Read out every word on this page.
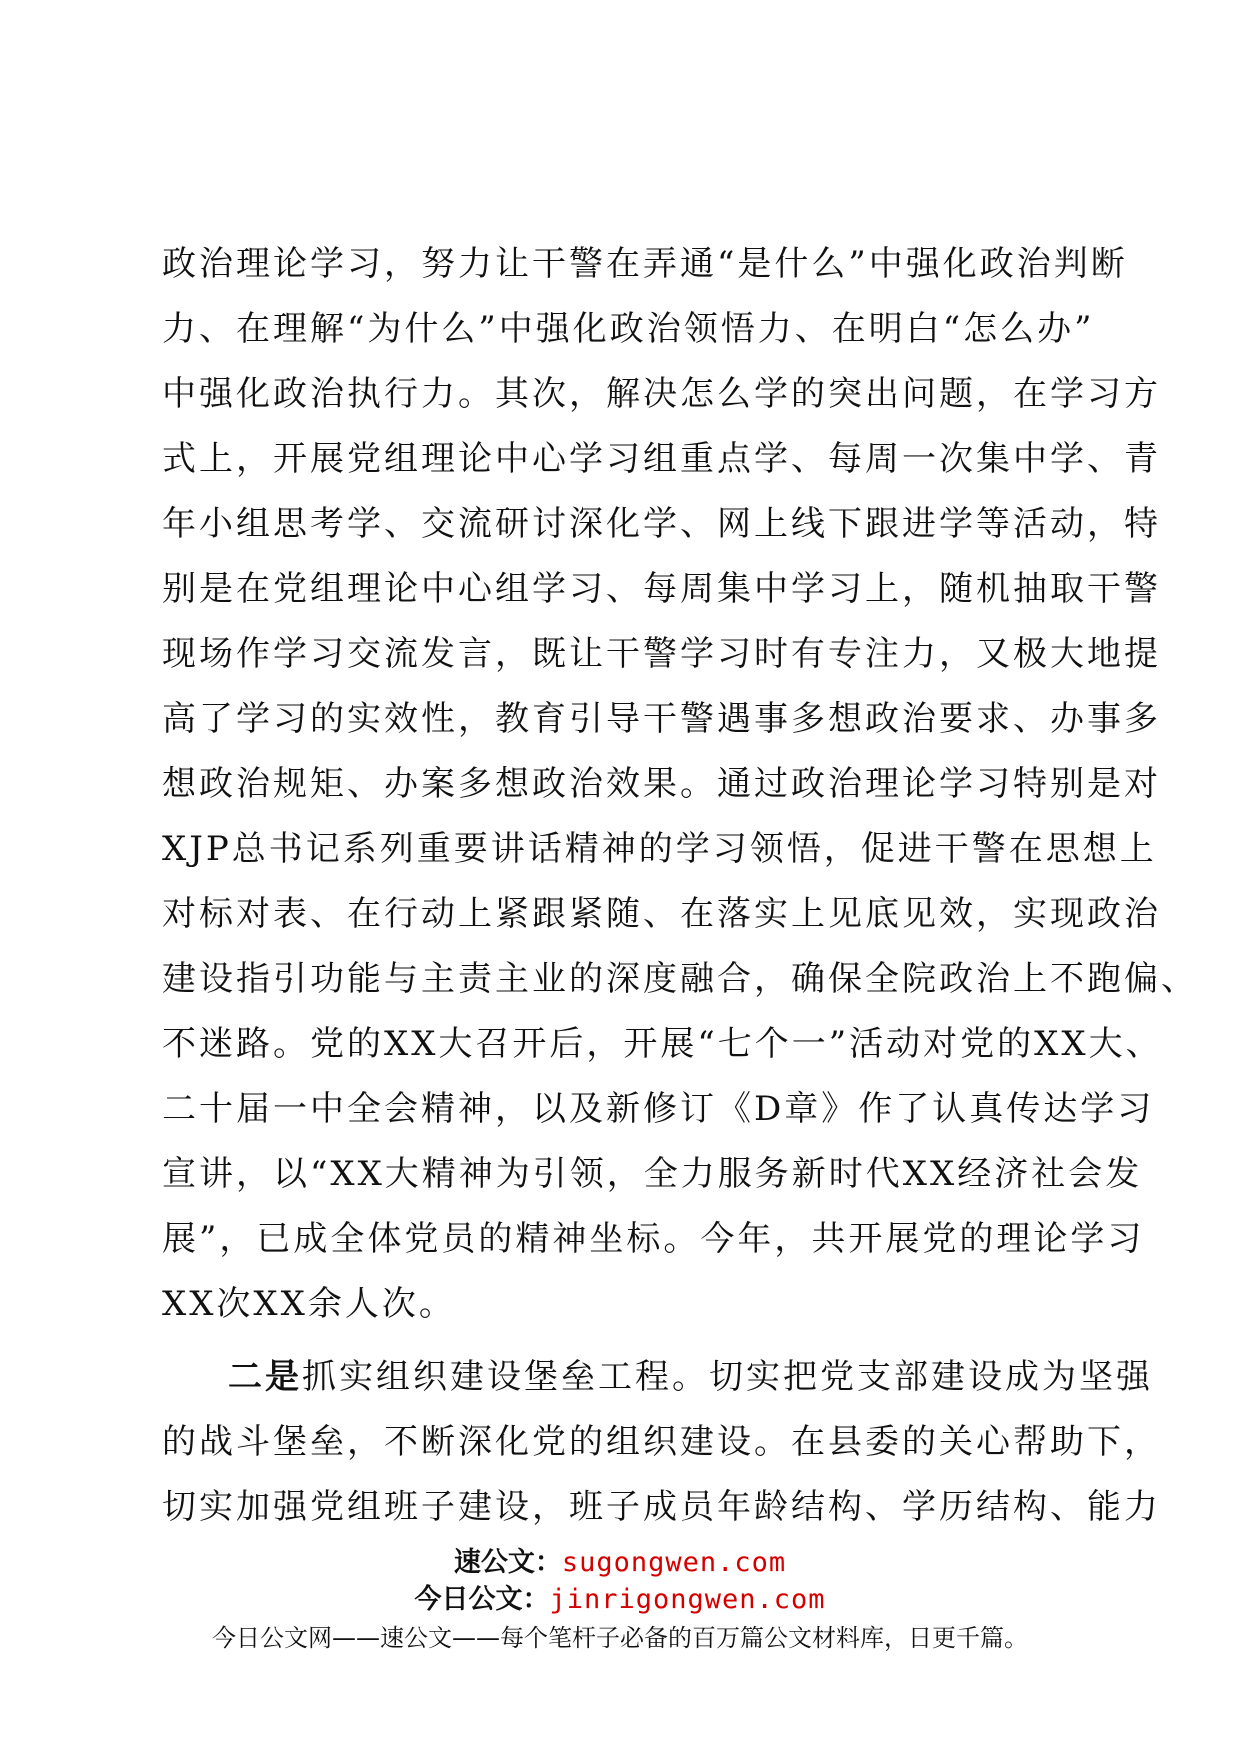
政治理论学习，努力让干警在弄通“是什么”中强化政治判断
力、在理解“为什么”中强化政治领悟力、在明白“怎么办”
中强化政治执行力。其次，解决怎么学的突出问题，在学习方
式上，开展党组理论中心学习组重点学、每周一次集中学、青
年小组思考学、交流研讨深化学、网上线下跟进学等活动，特
别是在党组理论中心组学习、每周集中学习上，随机抽取干警
现场作学习交流发言，既让干警学习时有专注力，又极大地提
高了学习的实效性，教育引导干警遇事多想政治要求、办事多
想政治规矩、办案多想政治效果。通过政治理论学习特别是对
XJP总书记系列重要讲话精神的学习领悟，促进干警在思想上
对标对表、在行动上紧跟紧随、在落实上见底见效，实现政治
建设指引功能与主责主业的深度融合，确保全院政治上不跑偏、
不迷路。党的XX大召开后，开展“七个一”活动对党的XX大、
二十届一中全会精神，以及新修订《D章》作了认真传达学习
宣讲，以“XX大精神为引领，全力服务新时代XX经济社会发
展”，已成全体党员的精神坐标。今年，共开展党的理论学习
XX次XX余人次。
二是抓实组织建设堡垒工程。切实把党支部建设成为坚强
的战斗堡垒，不断深化党的组织建设。在县委的关心帮助下，
切实加强党组班子建设，班子成员年龄结构、学历结构、能力
速公文：sugongwen.com
今日公文：jinrigongwen.com
今日公文网——速公文——每个笔杆子必备的百万篇公文材料库，日更千篇。
